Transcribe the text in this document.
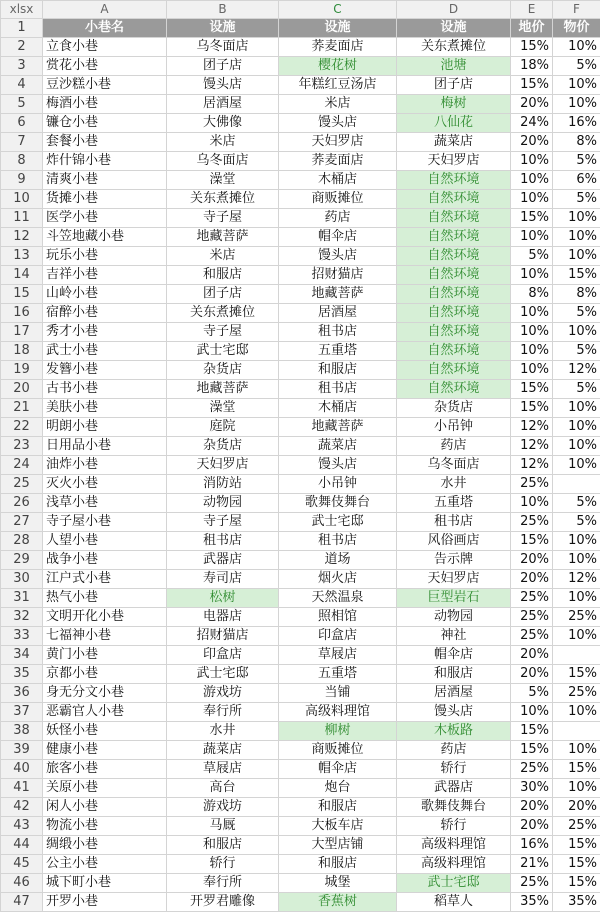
xlsx	A	B	C	D	E	F
1	小巷名	设施	设施	设施	地价	物价
2	立食小巷	乌冬面店	荞麦面店	关东煮摊位	15%	10%
3	赏花小巷	团子店	樱花树	池塘	18%	5%
4	豆沙糕小巷	馒头店	年糕红豆汤店	团子店	15%	10%
5	梅酒小巷	居酒屋	米店	梅树	20%	10%
6	镰仓小巷	大佛像	馒头店	八仙花	24%	16%
7	套餐小巷	米店	天妇罗店	蔬菜店	20%	8%
8	炸什锦小巷	乌冬面店	荞麦面店	天妇罗店	10%	5%
9	清爽小巷	澡堂	木桶店	自然环境	10%	6%
10	货摊小巷	关东煮摊位	商贩摊位	自然环境	10%	5%
11	医学小巷	寺子屋	药店	自然环境	15%	10%
12	斗笠地藏小巷	地藏菩萨	帽伞店	自然环境	10%	10%
13	玩乐小巷	米店	馒头店	自然环境	5%	10%
14	吉祥小巷	和服店	招财猫店	自然环境	10%	15%
15	山岭小巷	团子店	地藏菩萨	自然环境	8%	8%
16	宿醉小巷	关东煮摊位	居酒屋	自然环境	10%	5%
17	秀才小巷	寺子屋	租书店	自然环境	10%	10%
18	武士小巷	武士宅邸	五重塔	自然环境	10%	5%
19	发簪小巷	杂货店	和服店	自然环境	10%	12%
20	古书小巷	地藏菩萨	租书店	自然环境	15%	5%
21	美肤小巷	澡堂	木桶店	杂货店	15%	10%
22	明朗小巷	庭院	地藏菩萨	小吊钟	12%	10%
23	日用品小巷	杂货店	蔬菜店	药店	12%	10%
24	油炸小巷	天妇罗店	馒头店	乌冬面店	12%	10%
25	灭火小巷	消防站	小吊钟	水井	25%	
26	浅草小巷	动物园	歌舞伎舞台	五重塔	10%	5%
27	寺子屋小巷	寺子屋	武士宅邸	租书店	25%	5%
28	人望小巷	租书店	租书店	风俗画店	15%	10%
29	战争小巷	武器店	道场	告示牌	20%	10%
30	江户式小巷	寿司店	烟火店	天妇罗店	20%	12%
31	热气小巷	松树	天然温泉	巨型岩石	25%	10%
32	文明开化小巷	电器店	照相馆	动物园	25%	25%
33	七福神小巷	招财猫店	印盒店	神社	25%	10%
34	黄门小巷	印盒店	草屐店	帽伞店	20%	
35	京都小巷	武士宅邸	五重塔	和服店	20%	15%
36	身无分文小巷	游戏坊	当铺	居酒屋	5%	25%
37	恶霸官人小巷	奉行所	高级料理馆	馒头店	10%	10%
38	妖怪小巷	水井	柳树	木板路	15%	
39	健康小巷	蔬菜店	商贩摊位	药店	15%	10%
40	旅客小巷	草屐店	帽伞店	轿行	25%	15%
41	关原小巷	高台	炮台	武器店	30%	10%
42	闲人小巷	游戏坊	和服店	歌舞伎舞台	20%	20%
43	物流小巷	马厩	大板车店	轿行	20%	25%
44	绸缎小巷	和服店	大型店铺	高级料理馆	16%	15%
45	公主小巷	轿行	和服店	高级料理馆	21%	15%
46	城下町小巷	奉行所	城堡	武士宅邸	25%	15%
47	开罗小巷	开罗君雕像	香蕉树	稻草人	35%	35%
